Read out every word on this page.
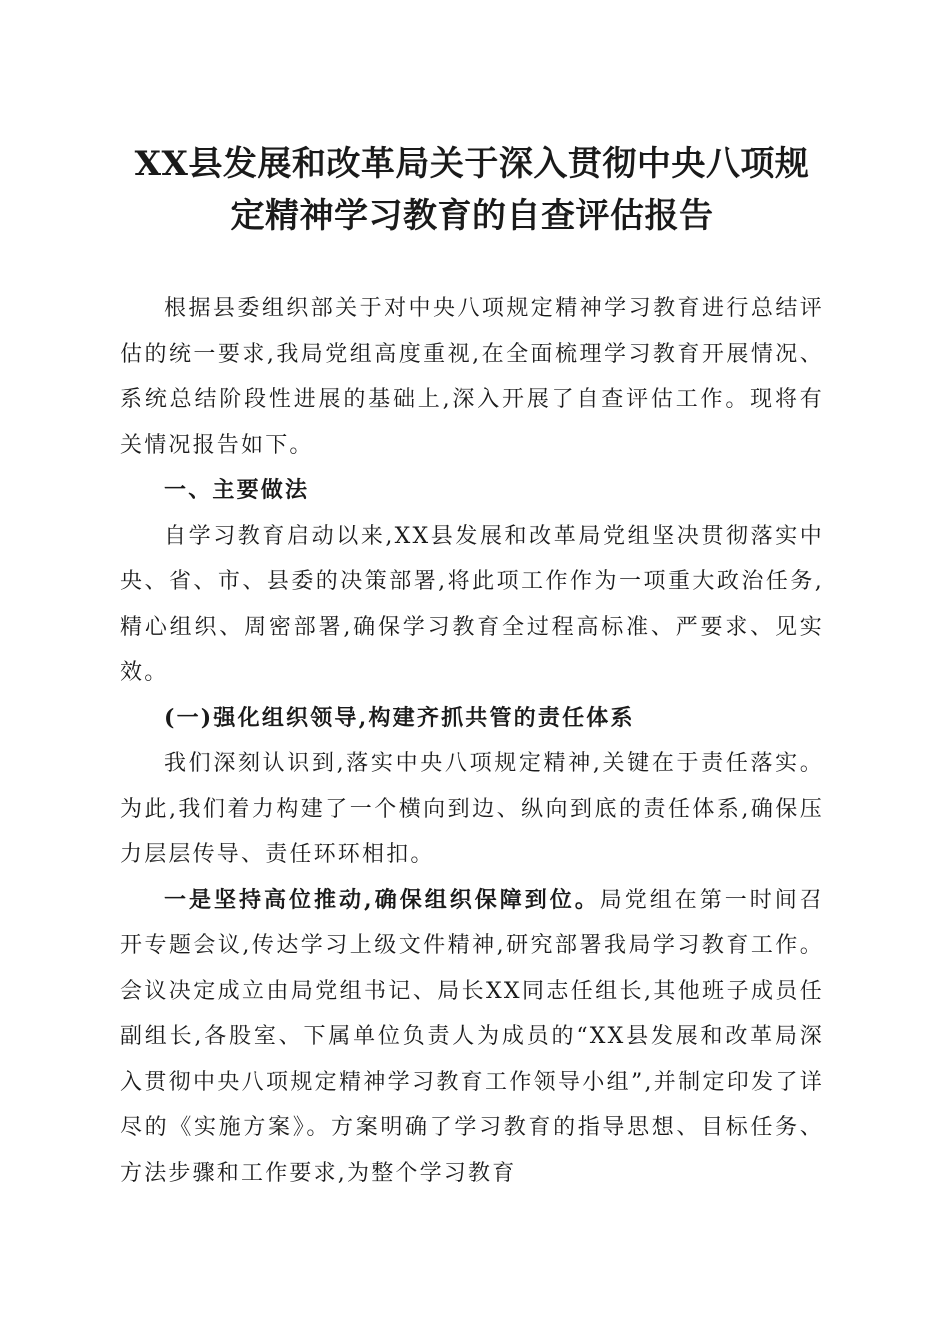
XX县发展和改革局关于深入贯彻中央八项规
定精神学习教育的自查评估报告

根据县委组织部关于对中央八项规定精神学习教育进行总结评估的统一要求,我局党组高度重视,在全面梳理学习教育开展情况、系统总结阶段性进展的基础上,深入开展了自查评估工作。现将有关情况报告如下。

一、主要做法

自学习教育启动以来,XX县发展和改革局党组坚决贯彻落实中央、省、市、县委的决策部署,将此项工作作为一项重大政治任务,精心组织、周密部署,确保学习教育全过程高标准、严要求、见实效。

(一)强化组织领导,构建齐抓共管的责任体系

我们深刻认识到,落实中央八项规定精神,关键在于责任落实。为此,我们着力构建了一个横向到边、纵向到底的责任体系,确保压力层层传导、责任环环相扣。

一是坚持高位推动,确保组织保障到位。局党组在第一时间召开专题会议,传达学习上级文件精神,研究部署我局学习教育工作。会议决定成立由局党组书记、局长XX同志任组长,其他班子成员任副组长,各股室、下属单位负责人为成员的“XX县发展和改革局深入贯彻中央八项规定精神学习教育工作领导小组”,并制定印发了详尽的《实施方案》。方案明确了学习教育的指导思想、目标任务、方法步骤和工作要求,为整个学习教育
